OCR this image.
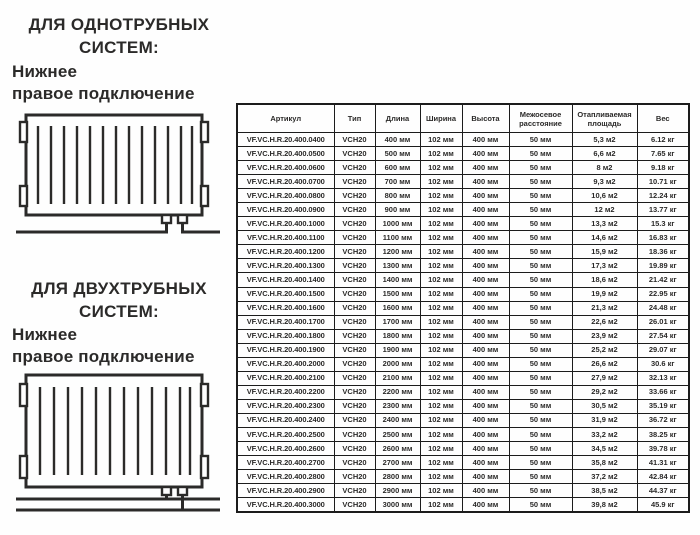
ДЛЯ ОДНОТРУБНЫХ
СИСТЕМ:
Нижнее
правое подключение
ДЛЯ ДВУХТРУБНЫХ
СИСТЕМ:
Нижнее
правое подключение
Артикул	Тип	Длина	Ширина	Высота	Межосевое расстояние	Отапливаемая площадь	Вес
VF.VC.H.R.20.400.0400	VCH20	400 мм	102 мм	400 мм	50 мм	5,3 м2	6.12 кг
VF.VC.H.R.20.400.0500	VCH20	500 мм	102 мм	400 мм	50 мм	6,6 м2	7.65 кг
VF.VC.H.R.20.400.0600	VCH20	600 мм	102 мм	400 мм	50 мм	8 м2	9.18 кг
VF.VC.H.R.20.400.0700	VCH20	700 мм	102 мм	400 мм	50 мм	9,3 м2	10.71 кг
VF.VC.H.R.20.400.0800	VCH20	800 мм	102 мм	400 мм	50 мм	10,6 м2	12.24 кг
VF.VC.H.R.20.400.0900	VCH20	900 мм	102 мм	400 мм	50 мм	12 м2	13.77 кг
VF.VC.H.R.20.400.1000	VCH20	1000 мм	102 мм	400 мм	50 мм	13,3 м2	15.3 кг
VF.VC.H.R.20.400.1100	VCH20	1100 мм	102 мм	400 мм	50 мм	14,6 м2	16.83 кг
VF.VC.H.R.20.400.1200	VCH20	1200 мм	102 мм	400 мм	50 мм	15,9 м2	18.36 кг
VF.VC.H.R.20.400.1300	VCH20	1300 мм	102 мм	400 мм	50 мм	17,3 м2	19.89 кг
VF.VC.H.R.20.400.1400	VCH20	1400 мм	102 мм	400 мм	50 мм	18,6 м2	21.42 кг
VF.VC.H.R.20.400.1500	VCH20	1500 мм	102 мм	400 мм	50 мм	19,9 м2	22.95 кг
VF.VC.H.R.20.400.1600	VCH20	1600 мм	102 мм	400 мм	50 мм	21,3 м2	24.48 кг
VF.VC.H.R.20.400.1700	VCH20	1700 мм	102 мм	400 мм	50 мм	22,6 м2	26.01 кг
VF.VC.H.R.20.400.1800	VCH20	1800 мм	102 мм	400 мм	50 мм	23,9 м2	27.54 кг
VF.VC.H.R.20.400.1900	VCH20	1900 мм	102 мм	400 мм	50 мм	25,2 м2	29.07 кг
VF.VC.H.R.20.400.2000	VCH20	2000 мм	102 мм	400 мм	50 мм	26,6 м2	30.6 кг
VF.VC.H.R.20.400.2100	VCH20	2100 мм	102 мм	400 мм	50 мм	27,9 м2	32.13 кг
VF.VC.H.R.20.400.2200	VCH20	2200 мм	102 мм	400 мм	50 мм	29,2 м2	33.66 кг
VF.VC.H.R.20.400.2300	VCH20	2300 мм	102 мм	400 мм	50 мм	30,5 м2	35.19 кг
VF.VC.H.R.20.400.2400	VCH20	2400 мм	102 мм	400 мм	50 мм	31,9 м2	36.72 кг
VF.VC.H.R.20.400.2500	VCH20	2500 мм	102 мм	400 мм	50 мм	33,2 м2	38.25 кг
VF.VC.H.R.20.400.2600	VCH20	2600 мм	102 мм	400 мм	50 мм	34,5 м2	39.78 кг
VF.VC.H.R.20.400.2700	VCH20	2700 мм	102 мм	400 мм	50 мм	35,8 м2	41.31 кг
VF.VC.H.R.20.400.2800	VCH20	2800 мм	102 мм	400 мм	50 мм	37,2 м2	42.84 кг
VF.VC.H.R.20.400.2900	VCH20	2900 мм	102 мм	400 мм	50 мм	38,5 м2	44.37 кг
VF.VC.H.R.20.400.3000	VCH20	3000 мм	102 мм	400 мм	50 мм	39,8 м2	45.9 кг
